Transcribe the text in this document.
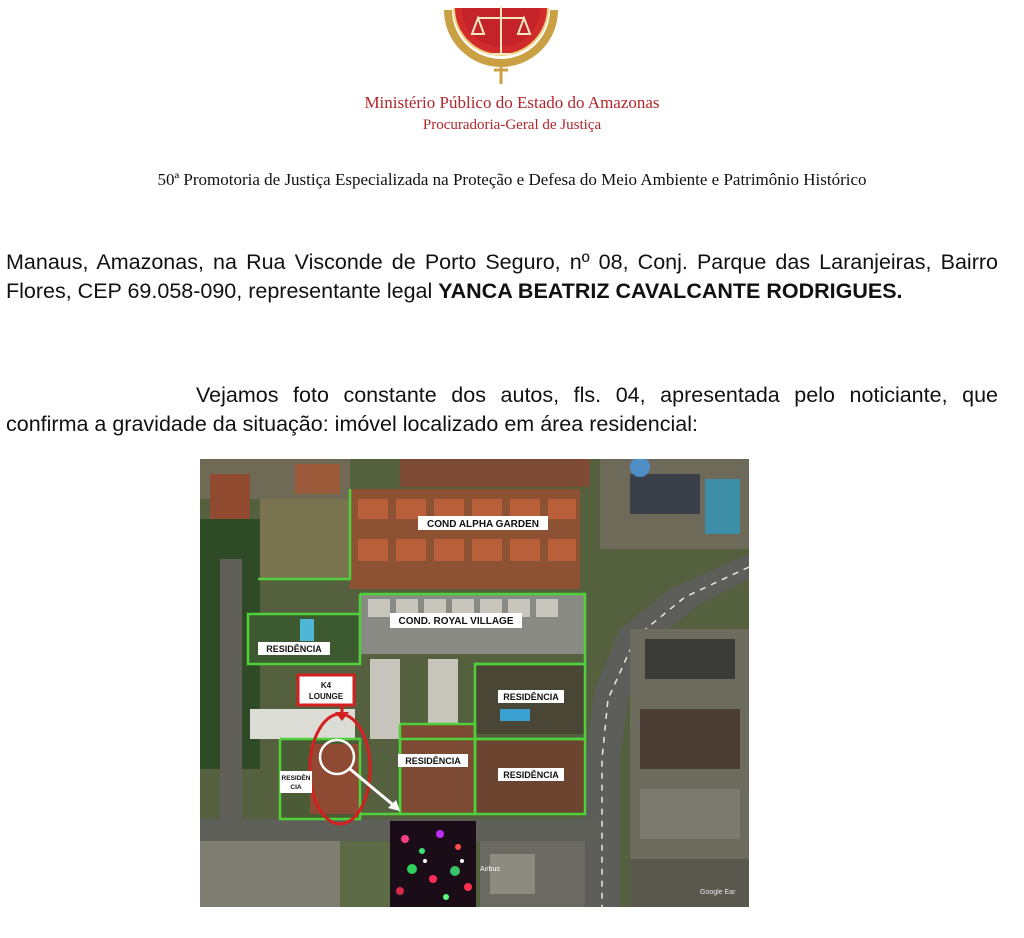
Ministério Público do Estado do Amazonas
Procuradoria-Geral de Justiça
50ª Promotoria de Justiça Especializada na Proteção e Defesa do Meio Ambiente e Patrimônio Histórico

Manaus, Amazonas, na Rua Visconde de Porto Seguro, nº 08, Conj. Parque das Laranjeiras, Bairro Flores, CEP 69.058-090, representante legal YANCA BEATRIZ CAVALCANTE RODRIGUES.

Vejamos foto constante dos autos, fls. 04, apresentada pelo noticiante, que confirma a gravidade da situação: imóvel localizado em área residencial:

COND ALPHA GARDEN
COND. ROYAL VILLAGE
RESIDÊNCIA
K4
LOUNGE	RESIDÊNCIA
RESIDÊNCIA
RESIDÊNCIA
RESIDÊN
CIA
Airbus
Google Ear
